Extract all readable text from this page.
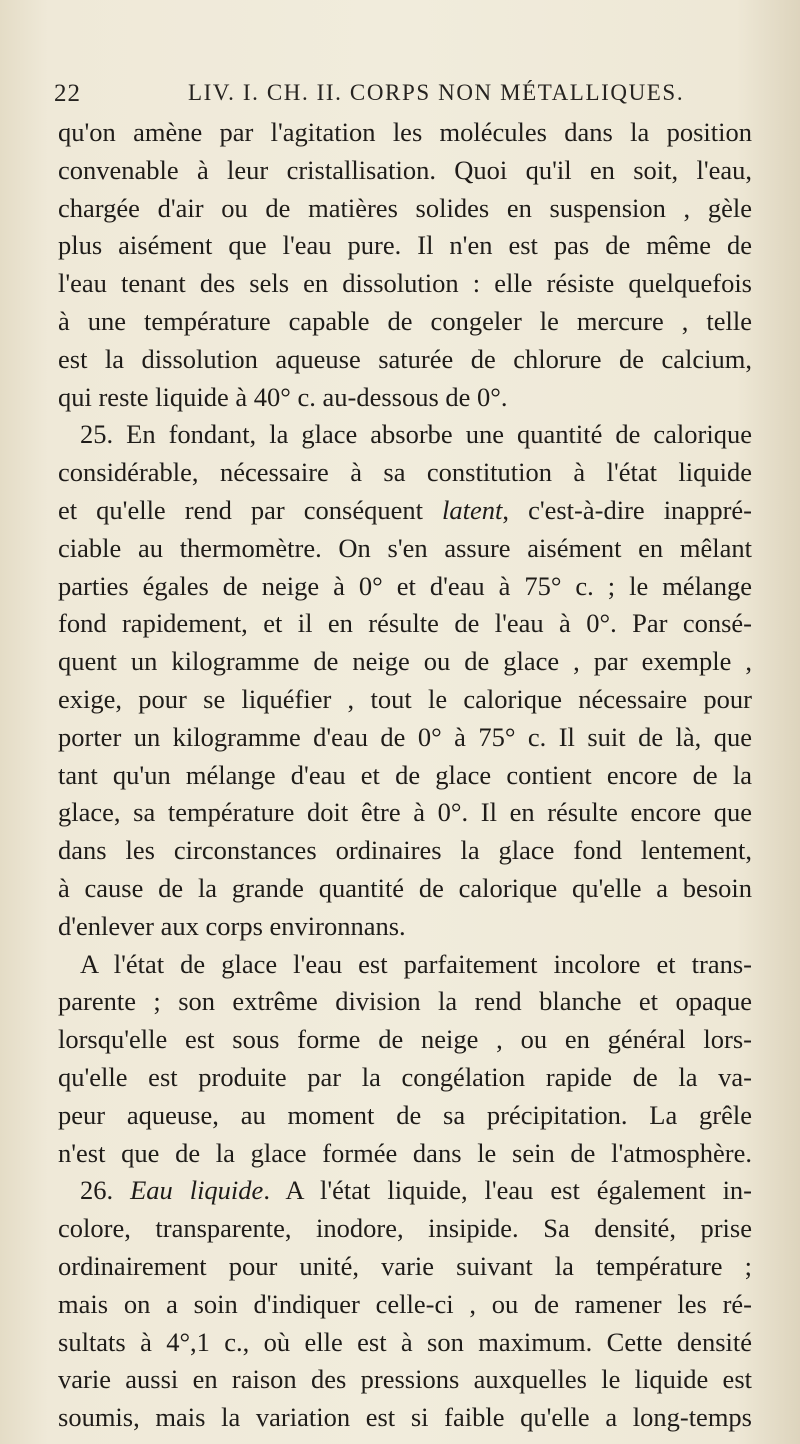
22	LIV. I. CH. II. CORPS NON MÉTALLIQUES.
qu'on amène par l'agitation les molécules dans la position
convenable à leur cristallisation. Quoi qu'il en soit, l'eau,
chargée d'air ou de matières solides en suspension , gèle
plus aisément que l'eau pure. Il n'en est pas de même de
l'eau tenant des sels en dissolution : elle résiste quelquefois
à une température capable de congeler le mercure , telle
est la dissolution aqueuse saturée de chlorure de calcium,
qui reste liquide à 40° c. au-dessous de 0°.
25. En fondant, la glace absorbe une quantité de calorique
considérable, nécessaire à sa constitution à l'état liquide
et qu'elle rend par conséquent latent, c'est-à-dire inappré-
ciable au thermomètre. On s'en assure aisément en mêlant
parties égales de neige à 0° et d'eau à 75° c. ; le mélange
fond rapidement, et il en résulte de l'eau à 0°. Par consé-
quent un kilogramme de neige ou de glace , par exemple ,
exige, pour se liquéfier , tout le calorique nécessaire pour
porter un kilogramme d'eau de 0° à 75° c. Il suit de là, que
tant qu'un mélange d'eau et de glace contient encore de la
glace, sa température doit être à 0°. Il en résulte encore que
dans les circonstances ordinaires la glace fond lentement,
à cause de la grande quantité de calorique qu'elle a besoin
d'enlever aux corps environnans.
A l'état de glace l'eau est parfaitement incolore et trans-
parente ; son extrême division la rend blanche et opaque
lorsqu'elle est sous forme de neige , ou en général lors-
qu'elle est produite par la congélation rapide de la va-
peur aqueuse, au moment de sa précipitation. La grêle
n'est que de la glace formée dans le sein de l'atmosphère.
26. Eau liquide. A l'état liquide, l'eau est également in-
colore, transparente, inodore, insipide. Sa densité, prise
ordinairement pour unité, varie suivant la température ;
mais on a soin d'indiquer celle-ci , ou de ramener les ré-
sultats à 4°,1 c., où elle est à son maximum. Cette densité
varie aussi en raison des pressions auxquelles le liquide est
soumis, mais la variation est si faible qu'elle a long-temps
